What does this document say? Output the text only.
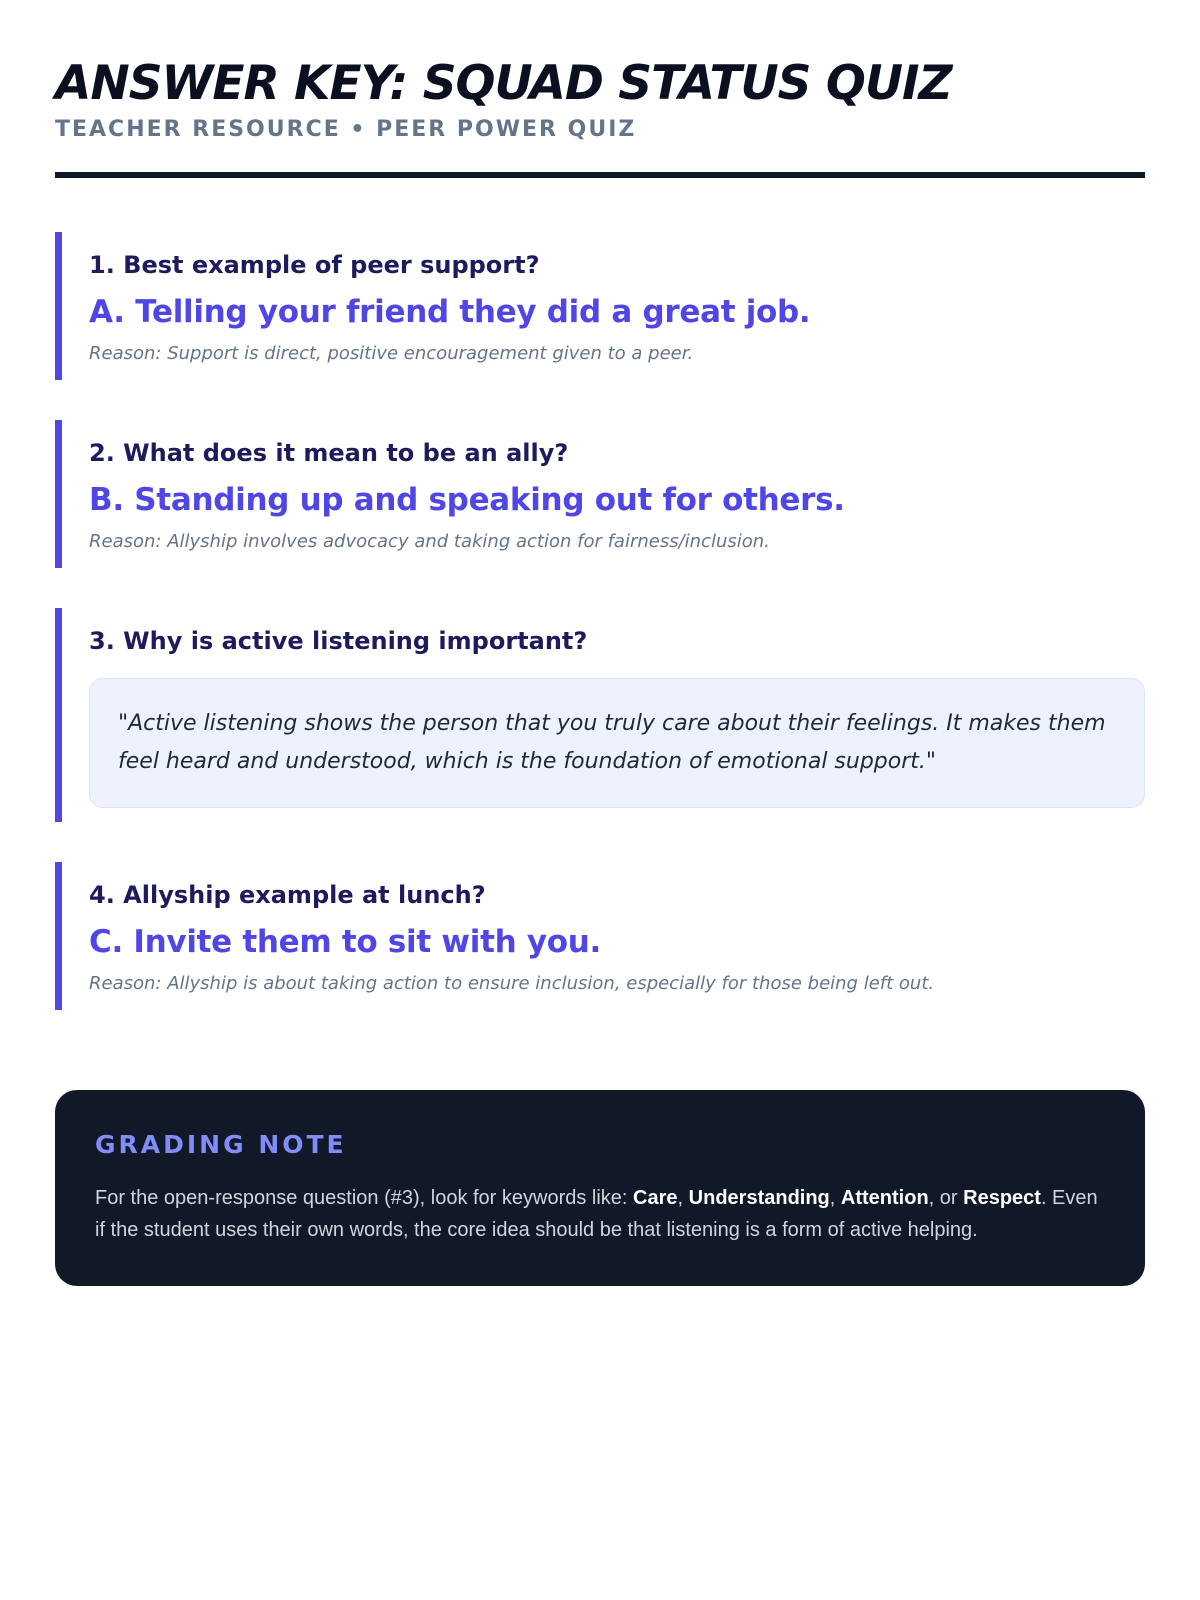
ANSWER KEY: SQUAD STATUS QUIZ
TEACHER RESOURCE • PEER POWER QUIZ
1. Best example of peer support?
A. Telling your friend they did a great job.
Reason: Support is direct, positive encouragement given to a peer.
2. What does it mean to be an ally?
B. Standing up and speaking out for others.
Reason: Allyship involves advocacy and taking action for fairness/inclusion.
3. Why is active listening important?
"Active listening shows the person that you truly care about their feelings. It makes them feel heard and understood, which is the foundation of emotional support."
4. Allyship example at lunch?
C. Invite them to sit with you.
Reason: Allyship is about taking action to ensure inclusion, especially for those being left out.
GRADING NOTE
For the open-response question (#3), look for keywords like: Care, Understanding, Attention, or Respect. Even if the student uses their own words, the core idea should be that listening is a form of active helping.
